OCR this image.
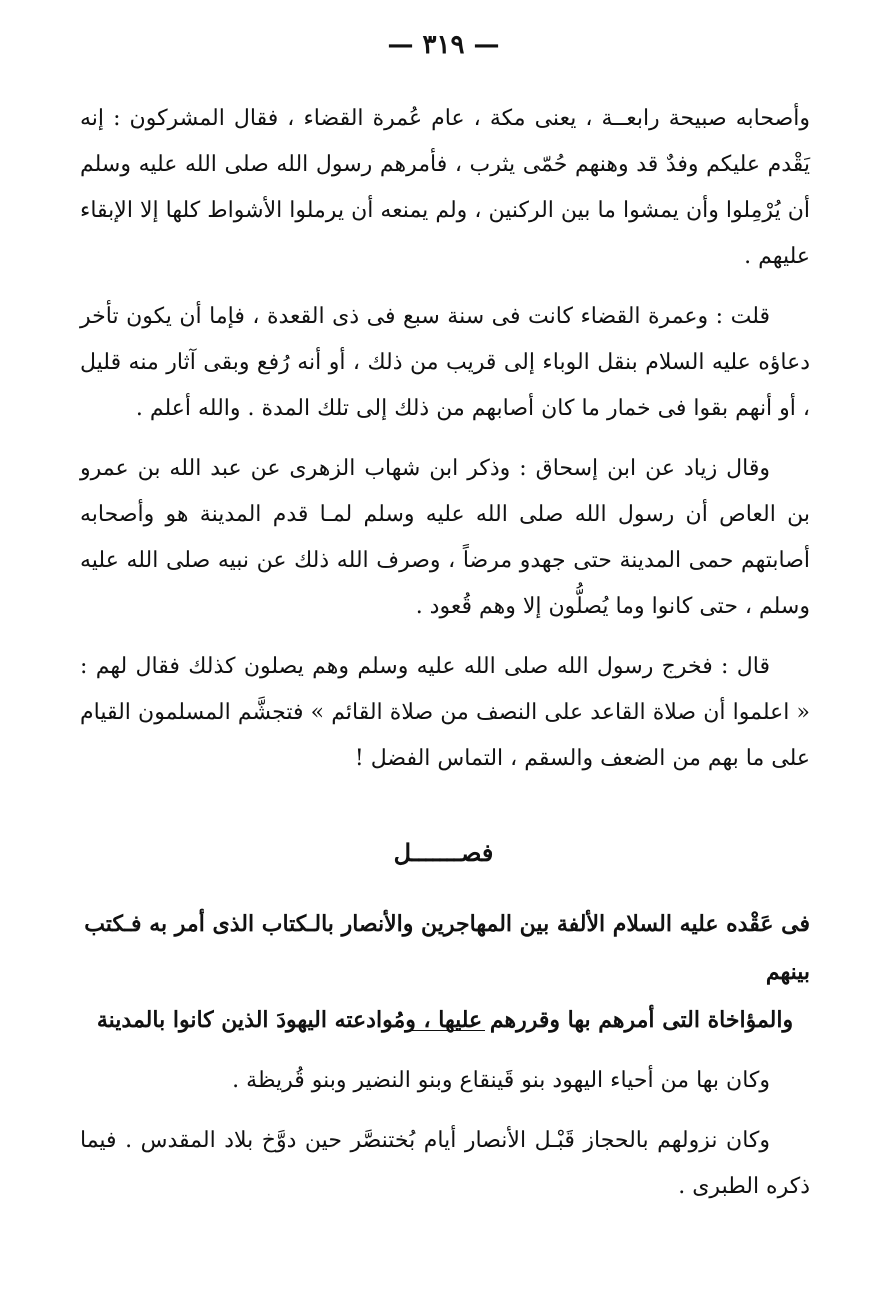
— ٣١٩ —

وأصحابه صبيحة رابعــة ، يعنى مكة ، عام عُمرة القضاء ، فقال المشركون : إنه يَقْدم عليكم وفدٌ قد وهنهم حُمّى يثرب ، فأمرهم رسول الله صلى الله عليه وسلم أن يُرْمِلوا وأن يمشوا ما بين الركنين ، ولم يمنعه أن يرملوا الأشواط كلها إلا الإبقاء عليهم .

قلت : وعمرة القضاء كانت فى سنة سبع فى ذى القعدة ، فإما أن يكون تأخر دعاؤه عليه السلام بنقل الوباء إلى قريب من ذلك ، أو أنه رُفع وبقى آثار منه قليل ، أو أنهم بقوا فى خمار ما كان أصابهم من ذلك إلى تلك المدة . والله أعلم .

وقال زياد عن ابن إسحاق : وذكر ابن شهاب الزهرى عن عبد الله بن عمرو بن العاص أن رسول الله صلى الله عليه وسلم لمـا قدم المدينة هو وأصحابه أصابتهم حمى المدينة حتى جهدو مرضاً ، وصرف الله ذلك عن نبيه صلى الله عليه وسلم ، حتى كانوا وما يُصلُّون إلا وهم قُعود .

قال : فخرج رسول الله صلى الله عليه وسلم وهم يصلون كذلك فقال لهم : « اعلموا أن صلاة القاعد على النصف من صلاة القائم » فتجشَّم المسلمون القيام على ما بهم من الضعف والسقم ، التماس الفضل !

فصـــــــل
فى عَقْده عليه السلام الألفة بين المهاجرين والأنصار بالـكتاب الذى أمر به فـكتب بينهم
والمؤاخاة التى أمرهم بها وقررهم عليها ، ومُوادعته اليهودَ الذين كانوا بالمدينة

وكان بها من أحياء اليهود بنو قَينقاع وبنو النضير وبنو قُريظة .

وكان نزولهم بالحجاز قَبْـل الأنصار أيام بُختنصَّر حين دوَّخ بلاد المقدس . فيما ذكره الطبرى .
